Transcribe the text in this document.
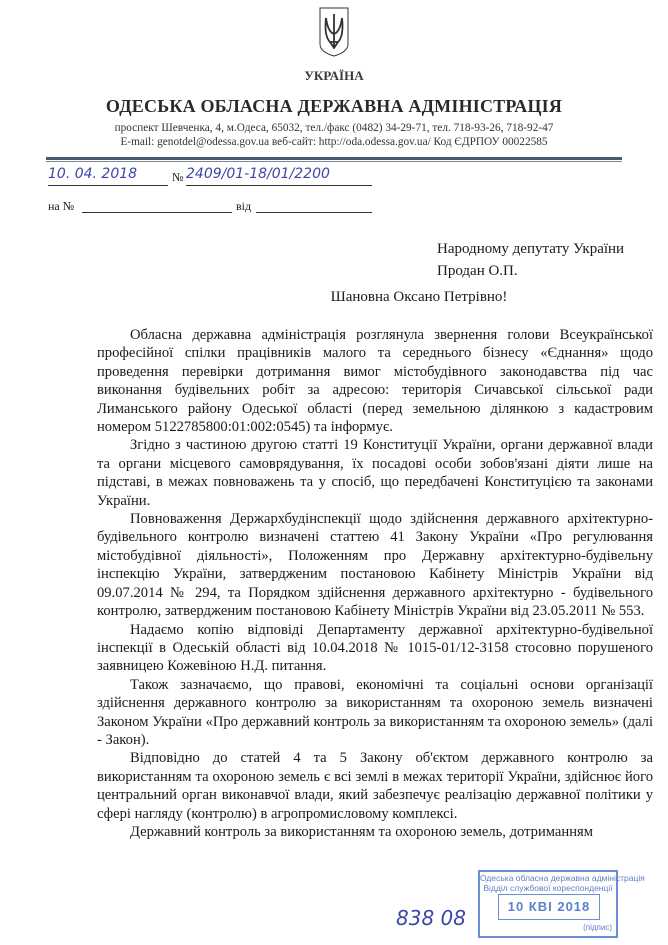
УКРАЇНА
ОДЕСЬКА ОБЛАСНА ДЕРЖАВНА АДМІНІСТРАЦІЯ
проспект Шевченка, 4, м.Одеса, 65032, тел./факс (0482) 34-29-71, тел. 718-93-26, 718-92-47
E-mail: genotdel@odessa.gov.ua веб-сайт: http://oda.odessa.gov.ua/ Код ЄДРПОУ 00022585
10. 04. 2018	№ 2409/01-18/01/2200
на №	від
Народному депутату України
Продан О.П.
Шановна Оксано Петрівно!

Обласна державна адміністрація розглянула звернення голови Всеукраїнської професійної спілки працівників малого та середнього бізнесу «Єднання» щодо проведення перевірки дотримання вимог містобудівного законодавства під час виконання будівельних робіт за адресою: територія Сичавської сільської ради Лиманського району Одеської області (перед земельною ділянкою з кадастровим номером 5122785800:01:002:0545) та інформує.

Згідно з частиною другою статті 19 Конституції України, органи державної влади та органи місцевого самоврядування, їх посадові особи зобов'язані діяти лише на підставі, в межах повноважень та у спосіб, що передбачені Конституцією та законами України.

Повноваження Держархбудінспекції щодо здійснення державного архітектурно-будівельного контролю визначені статтею 41 Закону України «Про регулювання містобудівної діяльності», Положенням про Державну архітектурно-будівельну інспекцію України, затвердженим постановою Кабінету Міністрів України від 09.07.2014 № 294, та Порядком здійснення державного архітектурно - будівельного контролю, затвердженим постановою Кабінету Міністрів України від 23.05.2011 № 553.

Надаємо копію відповіді Департаменту державної архітектурно-будівельної інспекції в Одеській області від 10.04.2018 № 1015-01/12-3158 стосовно порушеного заявницею Кожевіною Н.Д. питання.

Також зазначаємо, що правові, економічні та соціальні основи організації здійснення державного контролю за використанням та охороною земель визначені Законом України «Про державний контроль за використанням та охороною земель» (далі - Закон).

Відповідно до статей 4 та 5 Закону об'єктом державного контролю за використанням та охороною земель є всі землі в межах території України, здійснює його центральний орган виконавчої влади, який забезпечує реалізацію державної політики у сфері нагляду (контролю) в агропромисловому комплексі.

Державний контроль за використанням та охороною земель, дотриманням

Одеська обласна державна адміністрація
Відділ службової кореспонденції
10 КВІ 2018
(підпис)
838 08
